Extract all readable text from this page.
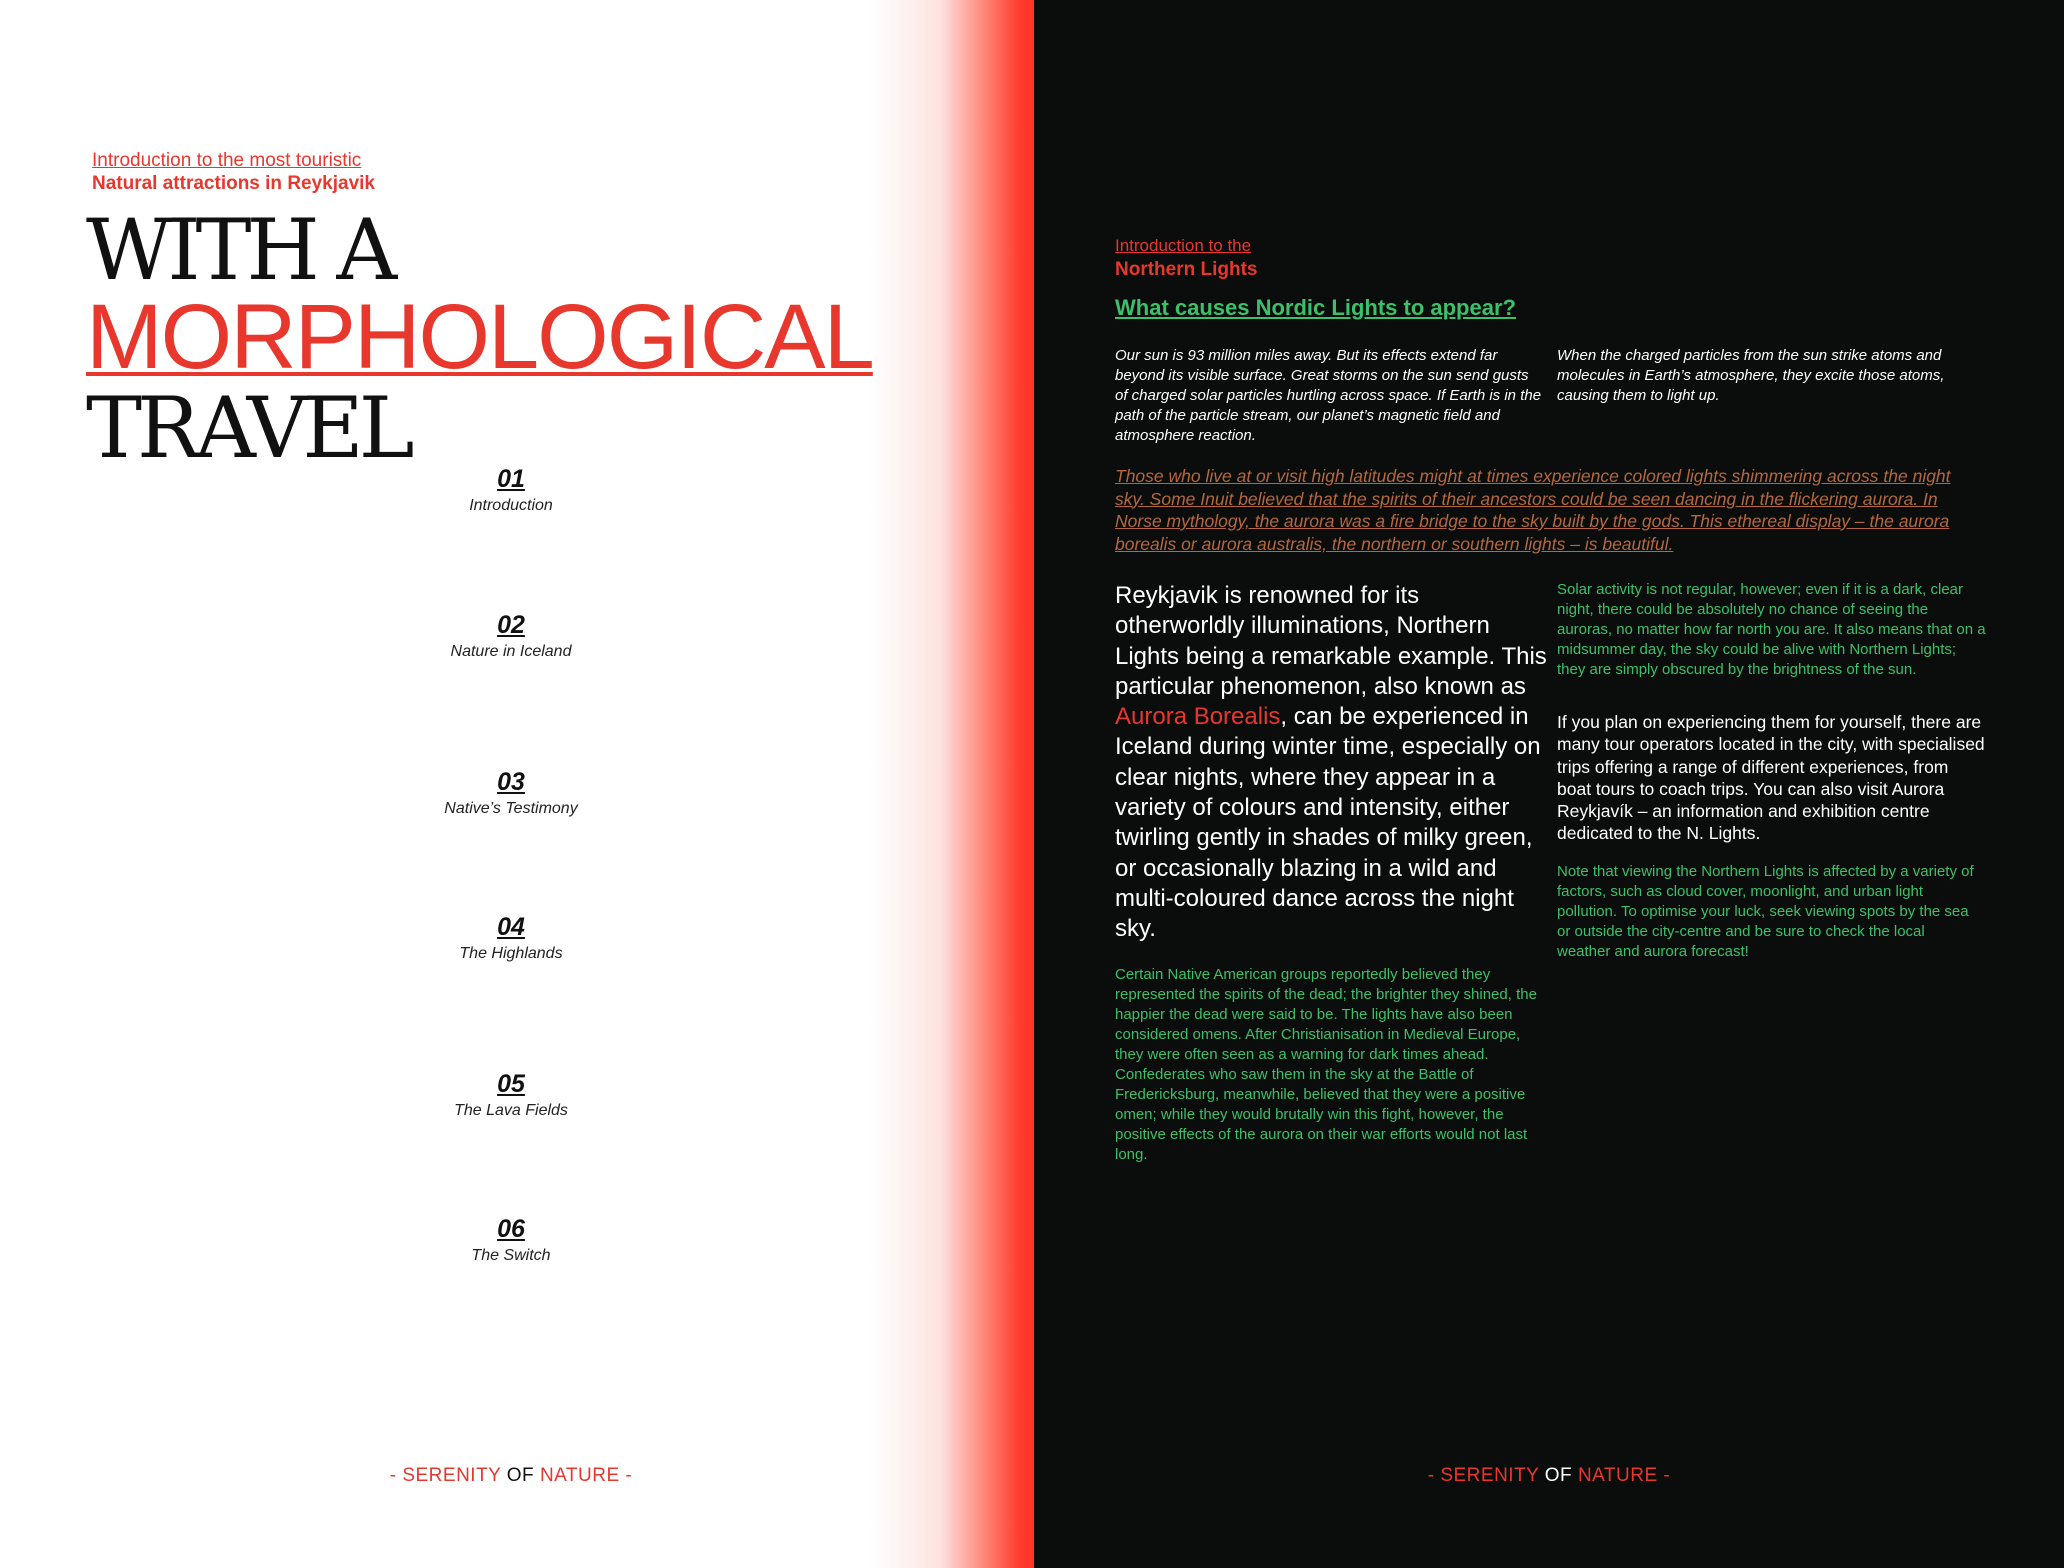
Introduction to the most touristic
Natural attractions in Reykjavik
WITH A
MORPHOLOGICAL
TRAVEL
01
Introduction
02
Nature in Iceland
03
Native’s Testimony
04
The Highlands
05
The Lava Fields
06
The Switch
- SERENITY OF NATURE -
Introduction to the
Northern Lights
What causes Nordic Lights to appear?
Our sun is 93 million miles away. But its effects extend far beyond its visible surface. Great storms on the sun send gusts of charged solar particles hurtling across space. If Earth is in the path of the particle stream, our planet’s magnetic field and atmosphere reaction.
When the charged particles from the sun strike atoms and molecules in Earth’s atmosphere, they excite those atoms, causing them to light up.
Those who live at or visit high latitudes might at times experience colored lights shimmering across the night sky. Some Inuit believed that the spirits of their ancestors could be seen dancing in the flickering aurora. In Norse mythology, the aurora was a fire bridge to the sky built by the gods. This ethereal display – the aurora borealis or aurora australis, the northern or southern lights – is beautiful.
Reykjavik is renowned for its otherworldly illuminations, Northern Lights being a remarkable example. This particular phenomenon, also known as Aurora Borealis, can be experienced in Iceland during winter time, especially on clear nights, where they appear in a variety of colours and intensity, either twirling gently in shades of milky green, or occasionally blazing in a wild and multi-coloured dance across the night sky.
Certain Native American groups reportedly believed they represented the spirits of the dead; the brighter they shined, the happier the dead were said to be. The lights have also been considered omens. After Christianisation in Medieval Europe, they were often seen as a warning for dark times ahead. Confederates who saw them in the sky at the Battle of Fredericksburg, meanwhile, believed that they were a positive omen; while they would brutally win this fight, however, the positive effects of the aurora on their war efforts would not last long.
Solar activity is not regular, however; even if it is a dark, clear night, there could be absolutely no chance of seeing the auroras, no matter how far north you are. It also means that on a midsummer day, the sky could be alive with Northern Lights; they are simply obscured by the brightness of the sun.
If you plan on experiencing them for yourself, there are many tour operators located in the city, with specialised trips offering a range of different experiences, from boat tours to coach trips. You can also visit Aurora Reykjavík – an information and exhibition centre dedicated to the N. Lights.
Note that viewing the Northern Lights is affected by a variety of factors, such as cloud cover, moonlight, and urban light pollution. To optimise your luck, seek viewing spots by the sea or outside the city-centre and be sure to check the local weather and aurora forecast!
- SERENITY OF NATURE -
